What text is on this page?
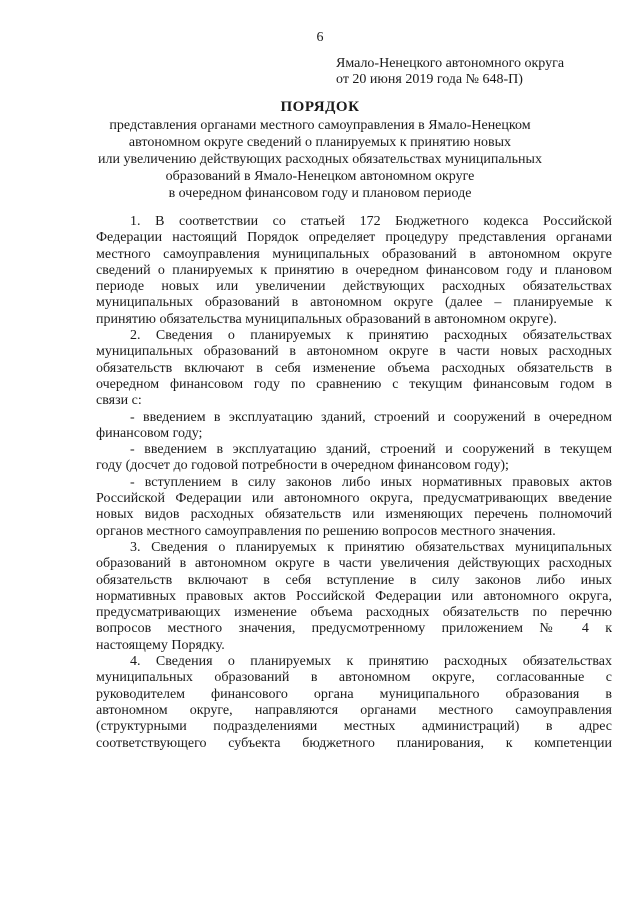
6
Ямало-Ненецкого автономного округа
от 20 июня 2019 года № 648-П)
ПОРЯДОК
представления органами местного самоуправления в Ямало-Ненецком
автономном округе сведений о планируемых к принятию новых
или увеличению действующих расходных обязательствах муниципальных
образований в Ямало-Ненецком автономном округе
в очередном финансовом году и плановом периоде
1. В соответствии со статьей 172 Бюджетного кодекса Российской
Федерации настоящий Порядок определяет процедуру представления органами
местного самоуправления муниципальных образований в автономном округе
сведений о планируемых к принятию в очередном финансовом году и плановом
периоде новых или увеличении действующих расходных обязательствах
муниципальных образований в автономном округе (далее – планируемые к
принятию обязательства муниципальных образований в автономном округе).
2. Сведения о планируемых к принятию расходных обязательствах
муниципальных образований в автономном округе в части новых расходных
обязательств включают в себя изменение объема расходных обязательств в
очередном финансовом году по сравнению с текущим финансовым годом в
связи с:
- введением в эксплуатацию зданий, строений и сооружений в очередном
финансовом году;
- введением в эксплуатацию зданий, строений и сооружений в текущем
году (досчет до годовой потребности в очередном финансовом году);
- вступлением в силу законов либо иных нормативных правовых актов
Российской Федерации или автономного округа, предусматривающих введение
новых видов расходных обязательств или изменяющих перечень полномочий
органов местного самоуправления по решению вопросов местного значения.
3. Сведения о планируемых к принятию обязательствах муниципальных
образований в автономном округе в части увеличения действующих расходных
обязательств включают в себя вступление в силу законов либо иных
нормативных правовых актов Российской Федерации или автономного округа,
предусматривающих изменение объема расходных обязательств по перечню
вопросов местного значения, предусмотренному приложением № 4 к
настоящему Порядку.
4. Сведения о планируемых к принятию расходных обязательствах
муниципальных образований в автономном округе, согласованные с
руководителем финансового органа муниципального образования в
автономном округе, направляются органами местного самоуправления
(структурными подразделениями местных администраций) в адрес
соответствующего субъекта бюджетного планирования, к компетенции
